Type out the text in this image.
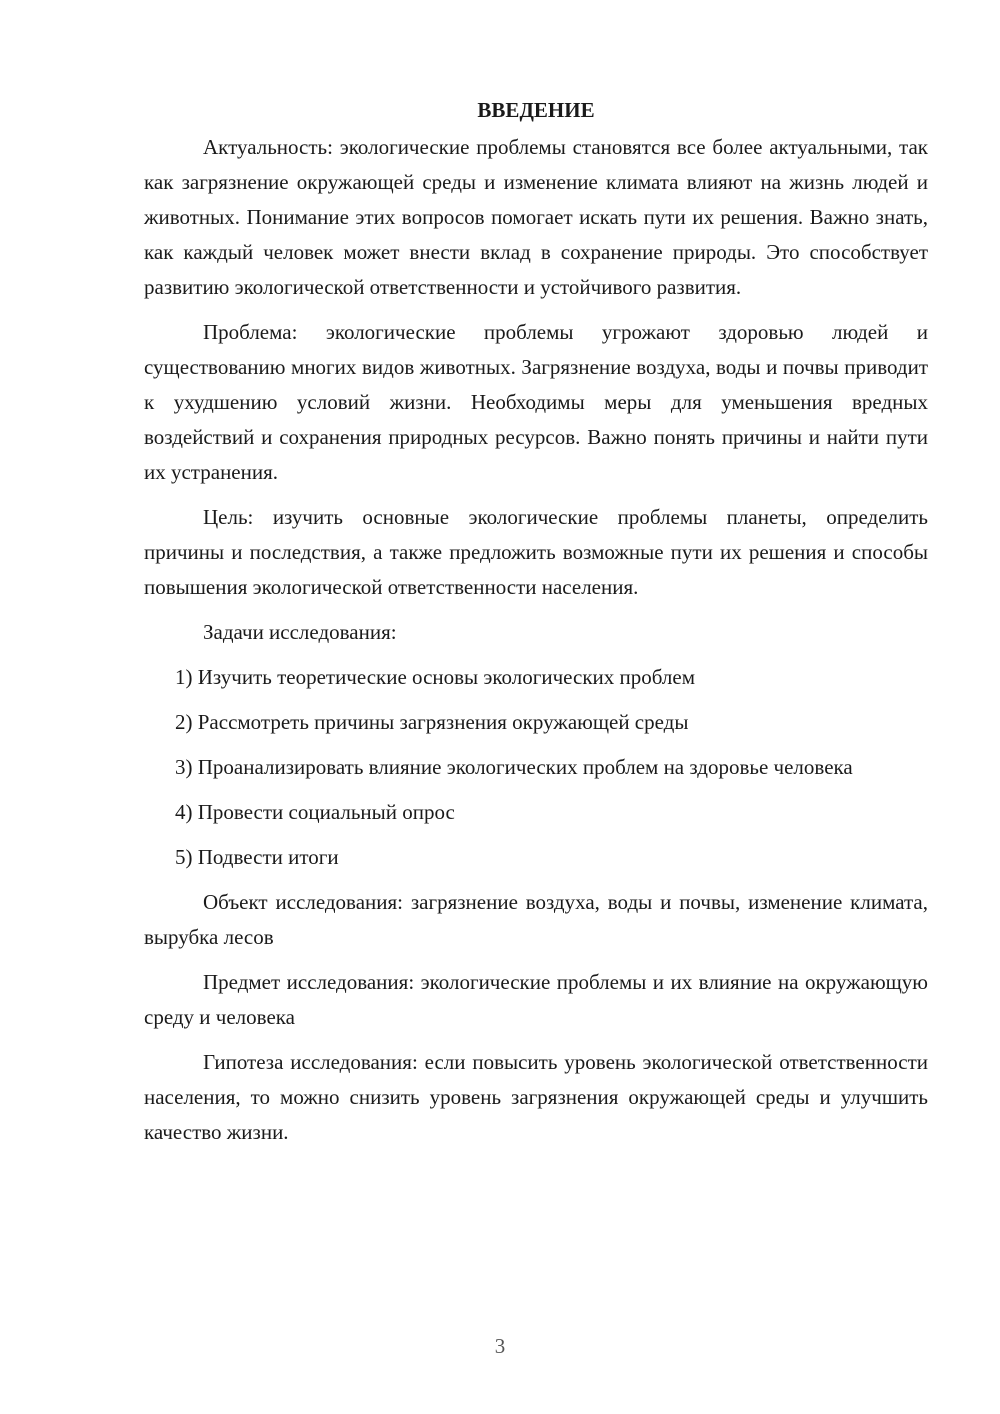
ВВЕДЕНИЕ

Актуальность: экологические проблемы становятся все более актуальными, так как загрязнение окружающей среды и изменение климата влияют на жизнь людей и животных. Понимание этих вопросов помогает искать пути их решения. Важно знать, как каждый человек может внести вклад в сохранение природы. Это способствует развитию экологической ответственности и устойчивого развития.

Проблема: экологические проблемы угрожают здоровью людей и существованию многих видов животных. Загрязнение воздуха, воды и почвы приводит к ухудшению условий жизни. Необходимы меры для уменьшения вредных воздействий и сохранения природных ресурсов. Важно понять причины и найти пути их устранения.

Цель: изучить основные экологические проблемы планеты, определить причины и последствия, а также предложить возможные пути их решения и способы повышения экологической ответственности населения.

Задачи исследования:

1) Изучить теоретические основы экологических проблем

2) Рассмотреть причины загрязнения окружающей среды

3) Проанализировать влияние экологических проблем на здоровье человека

4) Провести социальный опрос

5) Подвести итоги

Объект исследования: загрязнение воздуха, воды и почвы, изменение климата, вырубка лесов

Предмет исследования: экологические проблемы и их влияние на окружающую среду и человека

Гипотеза исследования: если повысить уровень экологической ответственности населения, то можно снизить уровень загрязнения окружающей среды и улучшить качество жизни.

3
